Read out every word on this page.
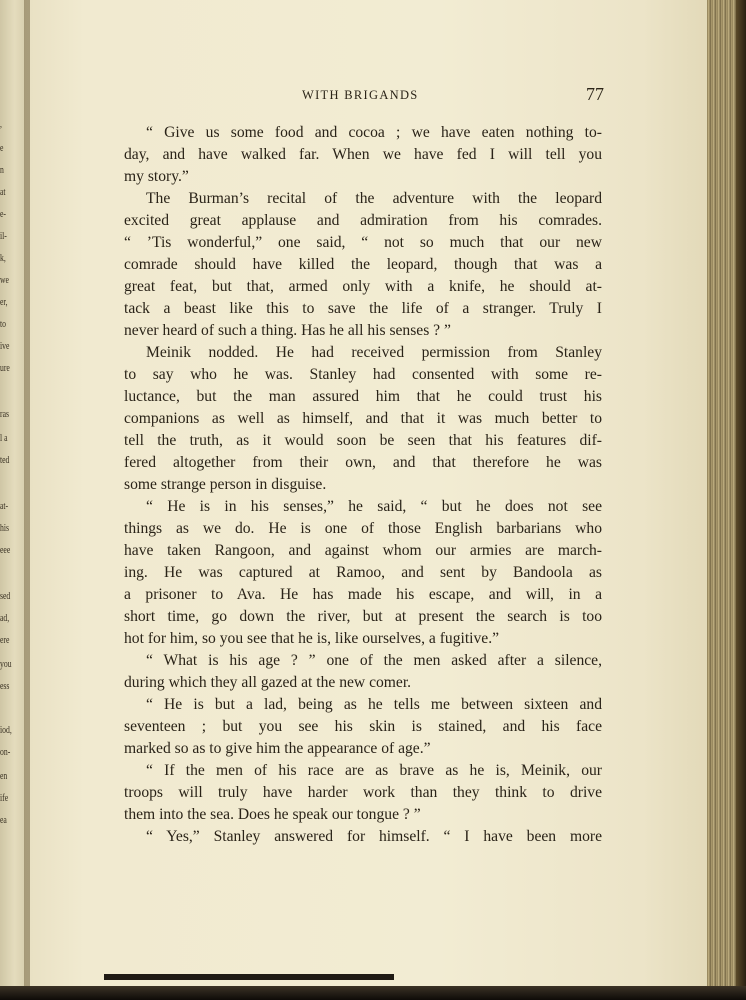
,
e
n
at
e-
il-
k,
we
er,
to
ive
ure
ras
l a
ted
at-
his
eee
sed
ad,
ere
you
ess
iod,
on-
en
ife
ea
WITH BRIGANDS	77
“ Give us some food and cocoa ; we have eaten nothing to-
day, and have walked far. When we have fed I will tell you
my story.”
The Burman’s recital of the adventure with the leopard
excited great applause and admiration from his comrades.
“ ’Tis wonderful,” one said, “ not so much that our new
comrade should have killed the leopard, though that was a
great feat, but that, armed only with a knife, he should at-
tack a beast like this to save the life of a stranger. Truly I
never heard of such a thing. Has he all his senses ? ”
Meinik nodded. He had received permission from Stanley
to say who he was. Stanley had consented with some re-
luctance, but the man assured him that he could trust his
companions as well as himself, and that it was much better to
tell the truth, as it would soon be seen that his features dif-
fered altogether from their own, and that therefore he was
some strange person in disguise.
“ He is in his senses,” he said, “ but he does not see
things as we do. He is one of those English barbarians who
have taken Rangoon, and against whom our armies are march-
ing. He was captured at Ramoo, and sent by Bandoola as
a prisoner to Ava. He has made his escape, and will, in a
short time, go down the river, but at present the search is too
hot for him, so you see that he is, like ourselves, a fugitive.”
“ What is his age ? ” one of the men asked after a silence,
during which they all gazed at the new comer.
“ He is but a lad, being as he tells me between sixteen and
seventeen ; but you see his skin is stained, and his face
marked so as to give him the appearance of age.”
“ If the men of his race are as brave as he is, Meinik, our
troops will truly have harder work than they think to drive
them into the sea. Does he speak our tongue ? ”
“ Yes,” Stanley answered for himself. “ I have been more
